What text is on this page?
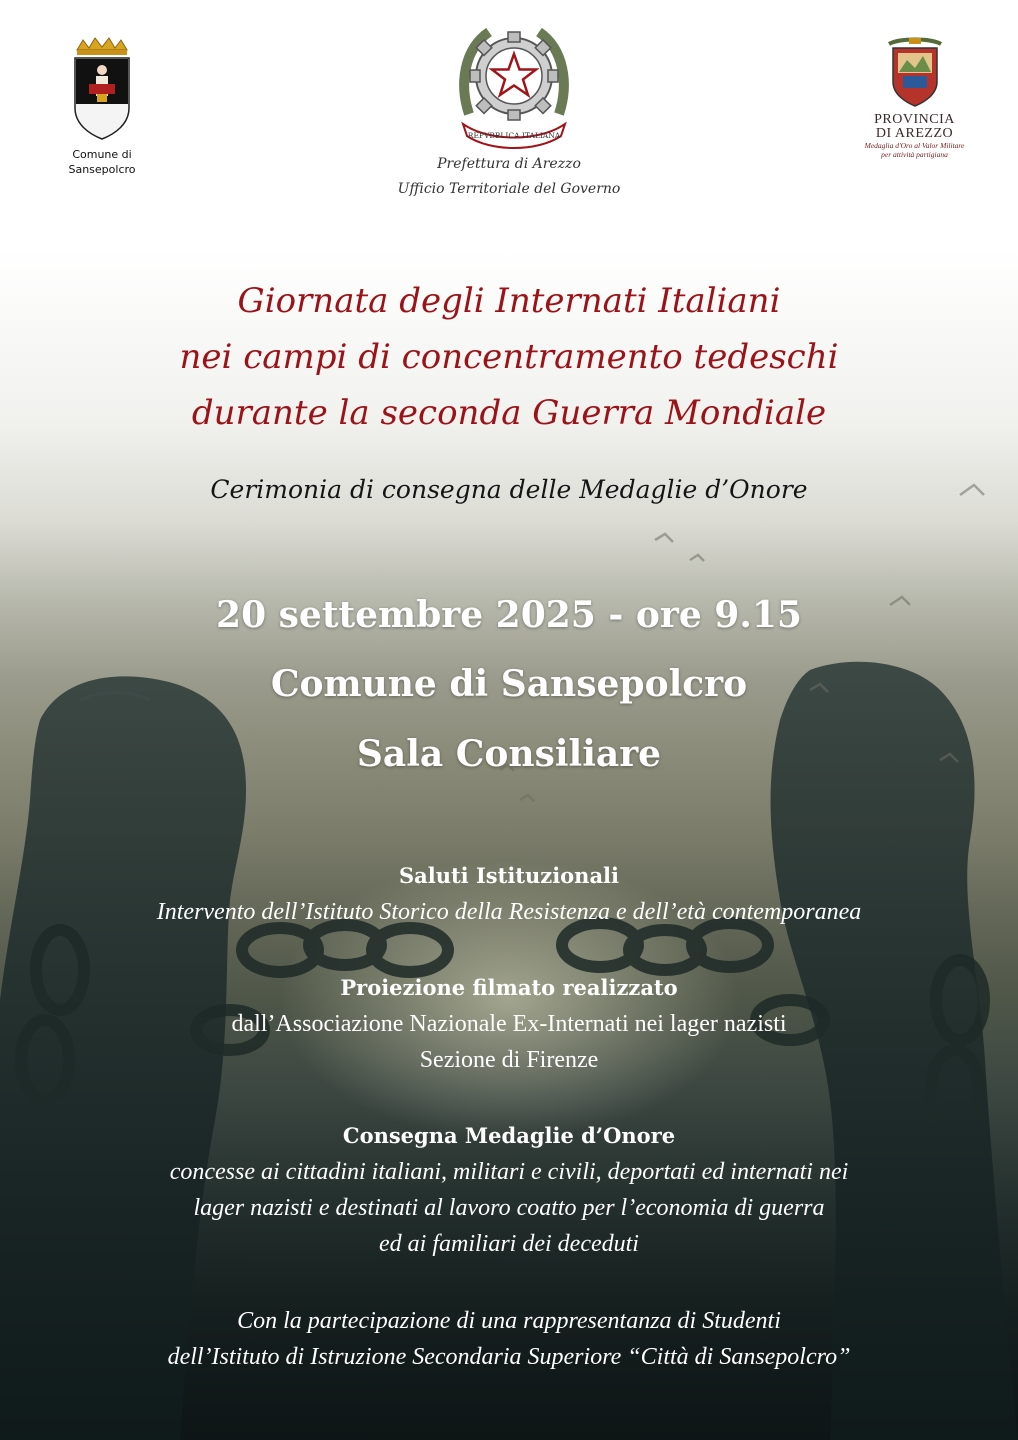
Comune di
Sansepolcro
REPVBBLICA ITALIANA
PROVINCIA
DI AREZZO
Medaglia d'Oro al Valor Militare
per attività partigiana
Prefettura di Arezzo
Ufficio Territoriale del Governo
Giornata degli Internati Italiani
nei campi di concentramento tedeschi
durante la seconda Guerra Mondiale
Cerimonia di consegna delle Medaglie d’Onore
20 settembre 2025 - ore 9.15
Comune di Sansepolcro
Sala Consiliare
Saluti Istituzionali
Intervento dell’Istituto Storico della Resistenza e dell’età contemporanea
Proiezione filmato realizzato
dall’Associazione Nazionale Ex-Internati nei lager nazisti
Sezione di Firenze
Consegna Medaglie d’Onore
concesse ai cittadini italiani, militari e civili, deportati ed internati nei
lager nazisti e destinati al lavoro coatto per l’economia di guerra
ed ai familiari dei deceduti
Con la partecipazione di una rappresentanza di Studenti
dell’Istituto di Istruzione Secondaria Superiore “Città di Sansepolcro”
